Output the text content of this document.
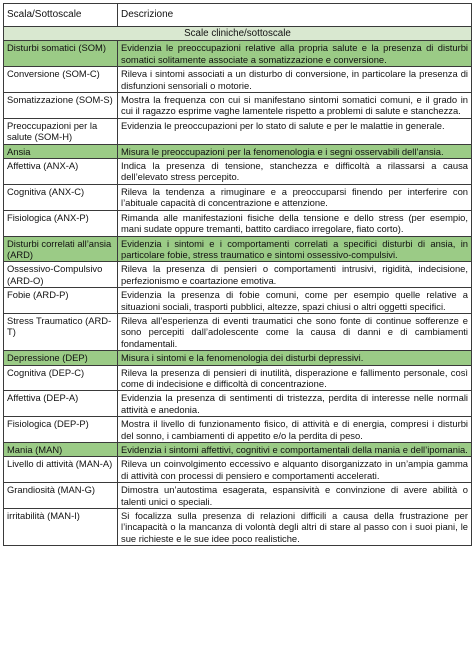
Scala/Sottoscale	Descrizione
Scale cliniche/sottoscale	
Disturbi somatici (SOM)	Evidenzia le preoccupazioni relative alla propria salute e la presenza di disturbi somatici solitamente associate a somatizzazione e conversione.
Conversione (SOM-C)	Rileva i sintomi associati a un disturbo di conversione, in particolare la presenza di disfunzioni sensoriali o motorie.
Somatizzazione (SOM-S)	Mostra la frequenza con cui si manifestano sintomi somatici comuni, e il grado in cui il ragazzo esprime vaghe lamentele rispetto a problemi di salute e stanchezza.
Preoccupazioni per la salute (SOM-H)	Evidenzia le preoccupazioni per lo stato di salute e per le malattie in generale.
Ansia	Misura le preoccupazioni per la fenomenologia e i segni osservabili dell’ansia.
Affettiva (ANX-A)	Indica la presenza di tensione, stanchezza e difficoltà a rilassarsi a causa dell’elevato stress percepito.
Cognitiva (ANX-C)	Rileva la tendenza a rimuginare e a preoccuparsi finendo per interferire con l’abituale capacità di concentrazione e attenzione.
Fisiologica (ANX-P)	Rimanda alle manifestazioni fisiche della tensione e dello stress (per esempio, mani sudate oppure tremanti, battito cardiaco irregolare, fiato corto).
Disturbi correlati all’ansia (ARD)	Evidenzia i sintomi e i comportamenti correlati a specifici disturbi di ansia, in particolare fobie, stress traumatico e sintomi ossessivo-compulsivi.
Ossessivo-Compulsivo (ARD-O)	Rileva la presenza di pensieri o comportamenti intrusivi, rigidità, indecisione, perfezionismo e coartazione emotiva.
Fobie (ARD-P)	Evidenzia la presenza di fobie comuni, come per esempio quelle relative a situazioni sociali, trasporti pubblici, altezze, spazi chiusi o altri oggetti specifici.
Stress Traumatico (ARD-T)	Rileva all’esperienza di eventi traumatici che sono fonte di continue sofferenze e sono percepiti dall’adolescente come la causa di danni e di cambiamenti fondamentali.
Depressione (DEP)	Misura i sintomi e la fenomenologia dei disturbi depressivi.
Cognitiva (DEP-C)	Rileva la presenza di pensieri di inutilità, disperazione e fallimento personale, così come di indecisione e difficoltà di concentrazione.
Affettiva (DEP-A)	Evidenzia la presenza di sentimenti di tristezza, perdita di interesse nelle normali attività e anedonia.
Fisiologica (DEP-P)	Mostra il livello di funzionamento fisico, di attività e di energia, compresi i disturbi del sonno, i cambiamenti di appetito e/o la perdita di peso.
Mania (MAN)	Evidenzia i sintomi affettivi, cognitivi e comportamentali della mania e dell’ipomania.
Livello di attività (MAN-A)	Rileva un coinvolgimento eccessivo e alquanto disorganizzato in un’ampia gamma di attività con processi di pensiero e comportamenti accelerati.
Grandiosità (MAN-G)	Dimostra un’autostima esagerata, espansività e convinzione di avere abilità o talenti unici o speciali.
irritabilità (MAN-I)	Si focalizza sulla presenza di relazioni difficili a causa della frustrazione per l’incapacità o la mancanza di volontà degli altri di stare al passo con i suoi piani, le sue richieste e le sue idee poco realistiche.
